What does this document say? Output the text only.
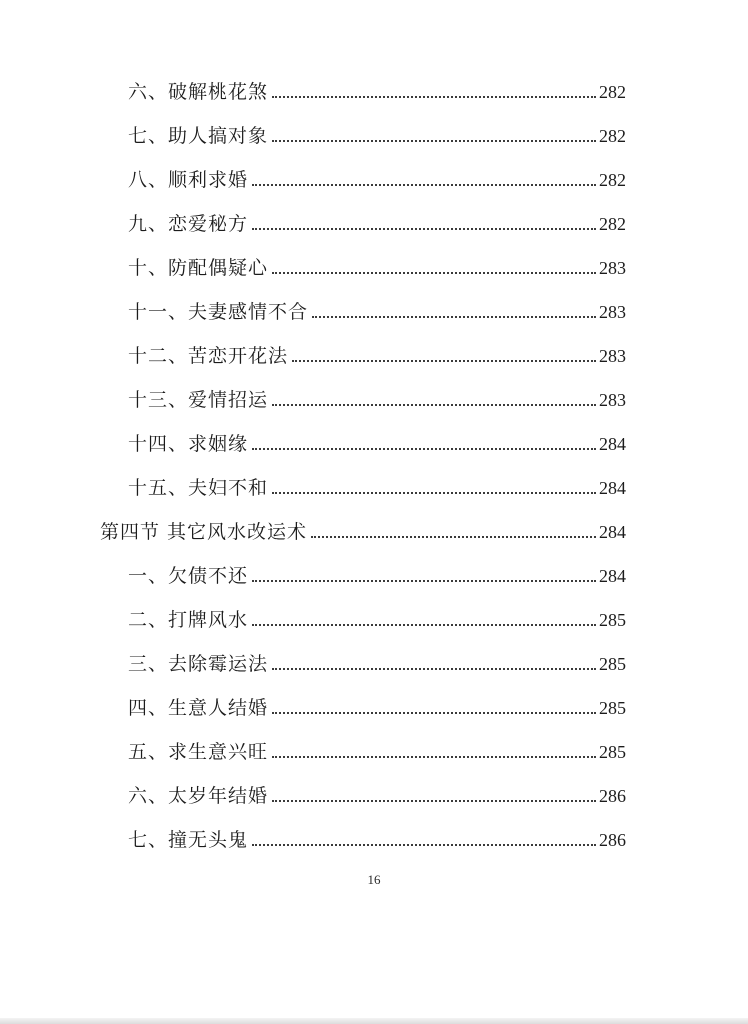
六、破解桃花煞	282
七、助人搞对象	282
八、顺利求婚	282
九、恋爱秘方	282
十、防配偶疑心	283
十一、夫妻感情不合	283
十二、苦恋开花法	283
十三、爱情招运	283
十四、求姻缘	284
十五、夫妇不和	284
第四节 其它风水改运术	284
一、欠债不还	284
二、打牌风水	285
三、去除霉运法	285
四、生意人结婚	285
五、求生意兴旺	285
六、太岁年结婚	286
七、撞无头鬼	286
16
